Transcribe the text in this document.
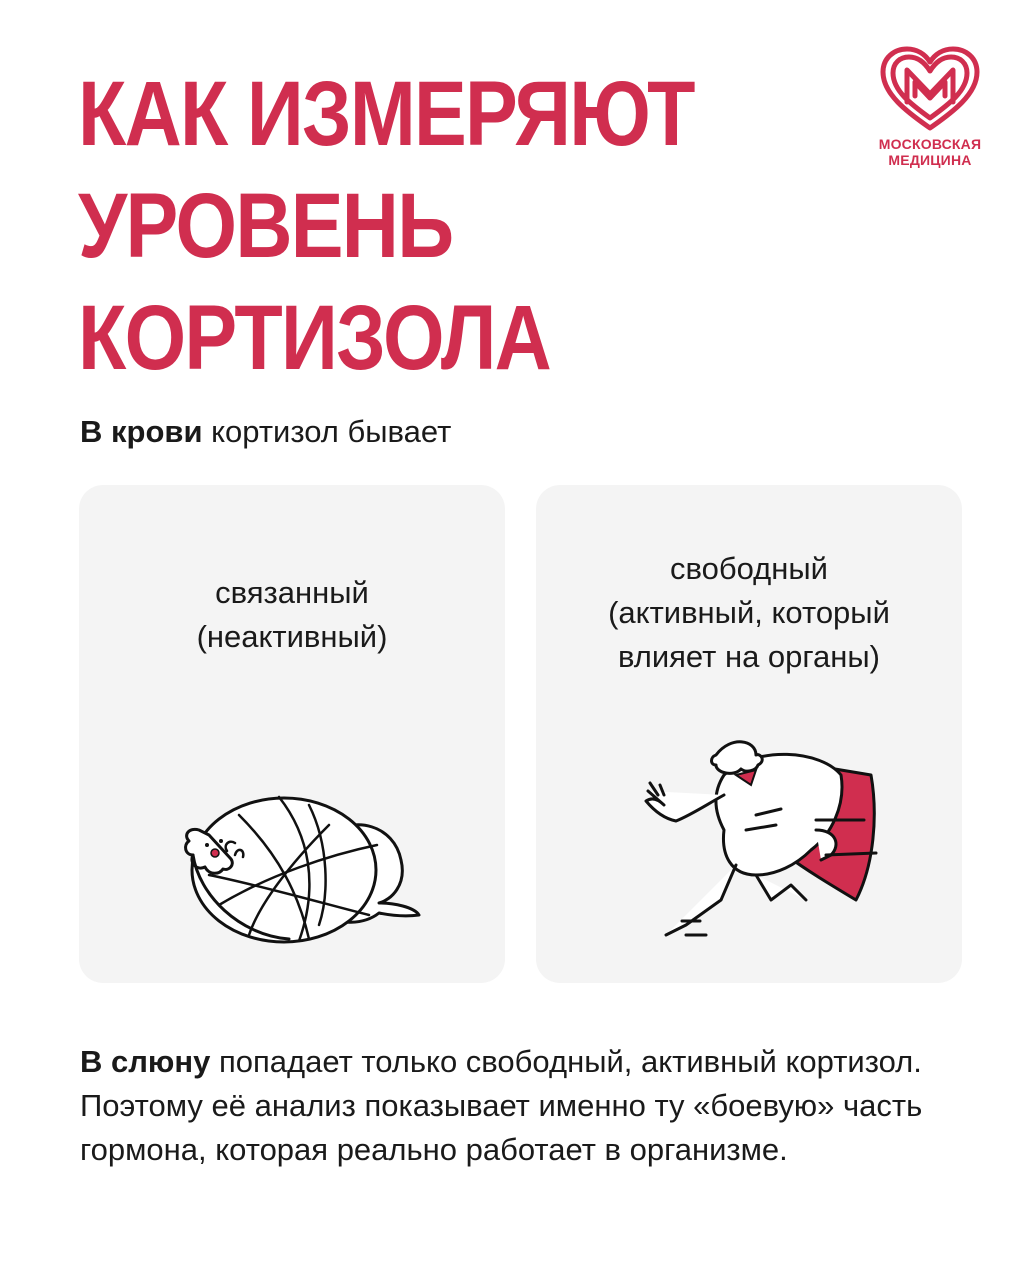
КАК ИЗМЕРЯЮТ
УРОВЕНЬ
КОРТИЗОЛА
МОСКОВСКАЯ
МЕДИЦИНА

В крови кортизол бывает

связанный
(неактивный)

свободный
(активный, который
влияет на органы)

В слюну попадает только свободный, активный кортизол. Поэтому её анализ показывает именно ту «боевую» часть гормона, которая реально работает в организме.
